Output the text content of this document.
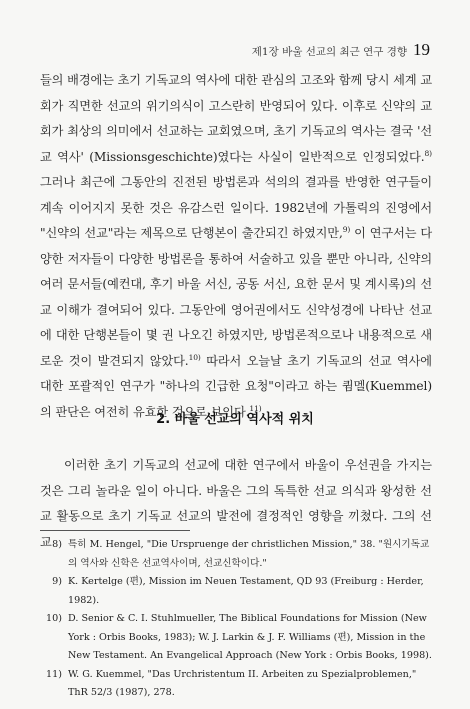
제1장 바울 선교의 최근 연구 경향 19

들의 배경에는 초기 기독교의 역사에 대한 관심의 고조와 함께 당시 세계 교회가 직면한 선교의 위기의식이 고스란히 반영되어 있다. 이후로 신약의 교회가 최상의 의미에서 선교하는 교회였으며, 초기 기독교의 역사는 결국 '선교 역사' (Missionsgeschichte)였다는 사실이 일반적으로 인정되었다.$^{8)}$ 그러나 최근에 그동안의 진전된 방법론과 석의의 결과를 반영한 연구들이 계속 이어지지 못한 것은 유감스런 일이다. 1982년에 가톨릭의 진영에서 "신약의 선교"라는 제목으로 단행본이 출간되긴 하였지만,$^{9)}$ 이 연구서는 다양한 저자들이 다양한 방법론을 통하여 서술하고 있을 뿐만 아니라, 신약의 여러 문서들(예컨대, 후기 바울 서신, 공동 서신, 요한 문서 및 계시록)의 선교 이해가 결여되어 있다. 그동안에 영어권에서도 신약성경에 나타난 선교에 대한 단행본들이 몇 권 나오긴 하였지만, 방법론적으로나 내용적으로 새로운 것이 발견되지 않았다.$^{10)}$ 따라서 오늘날 초기 기독교의 선교 역사에 대한 포괄적인 연구가 "하나의 긴급한 요청"이라고 하는 큄멜(Kuemmel)의 판단은 여전히 유효한 것으로 보인다.$^{11)}$

2. 바울 선교의 역사적 위치

이러한 초기 기독교의 선교에 대한 연구에서 바울이 우선권을 가지는 것은 그리 놀라운 일이 아니다. 바울은 그의 독특한 선교 의식과 왕성한 선교 활동으로 초기 기독교 선교의 발전에 결정적인 영향을 끼쳤다. 그의 선교 8) 특히 M. Hengel, "Die Urspruenge der christlichen Mission," 38. "원시기독교의 역사와 신학은 선교역사이며, 선교신학이다."
9) K. Kertelge (편), Mission im Neuen Testament, QD 93 (Freiburg : Herder, 1982).
10) D. Senior & C. I. Stuhlmueller, The Biblical Foundations for Mission (New York : Orbis Books, 1983); W. J. Larkin & J. F. Williams (편), Mission in the New Testament. An Evangelical Approach (New York : Orbis Books, 1998).
11) W. G. Kuemmel, "Das Urchristentum II. Arbeiten zu Spezialproblemen," ThR 52/3 (1987), 278.
